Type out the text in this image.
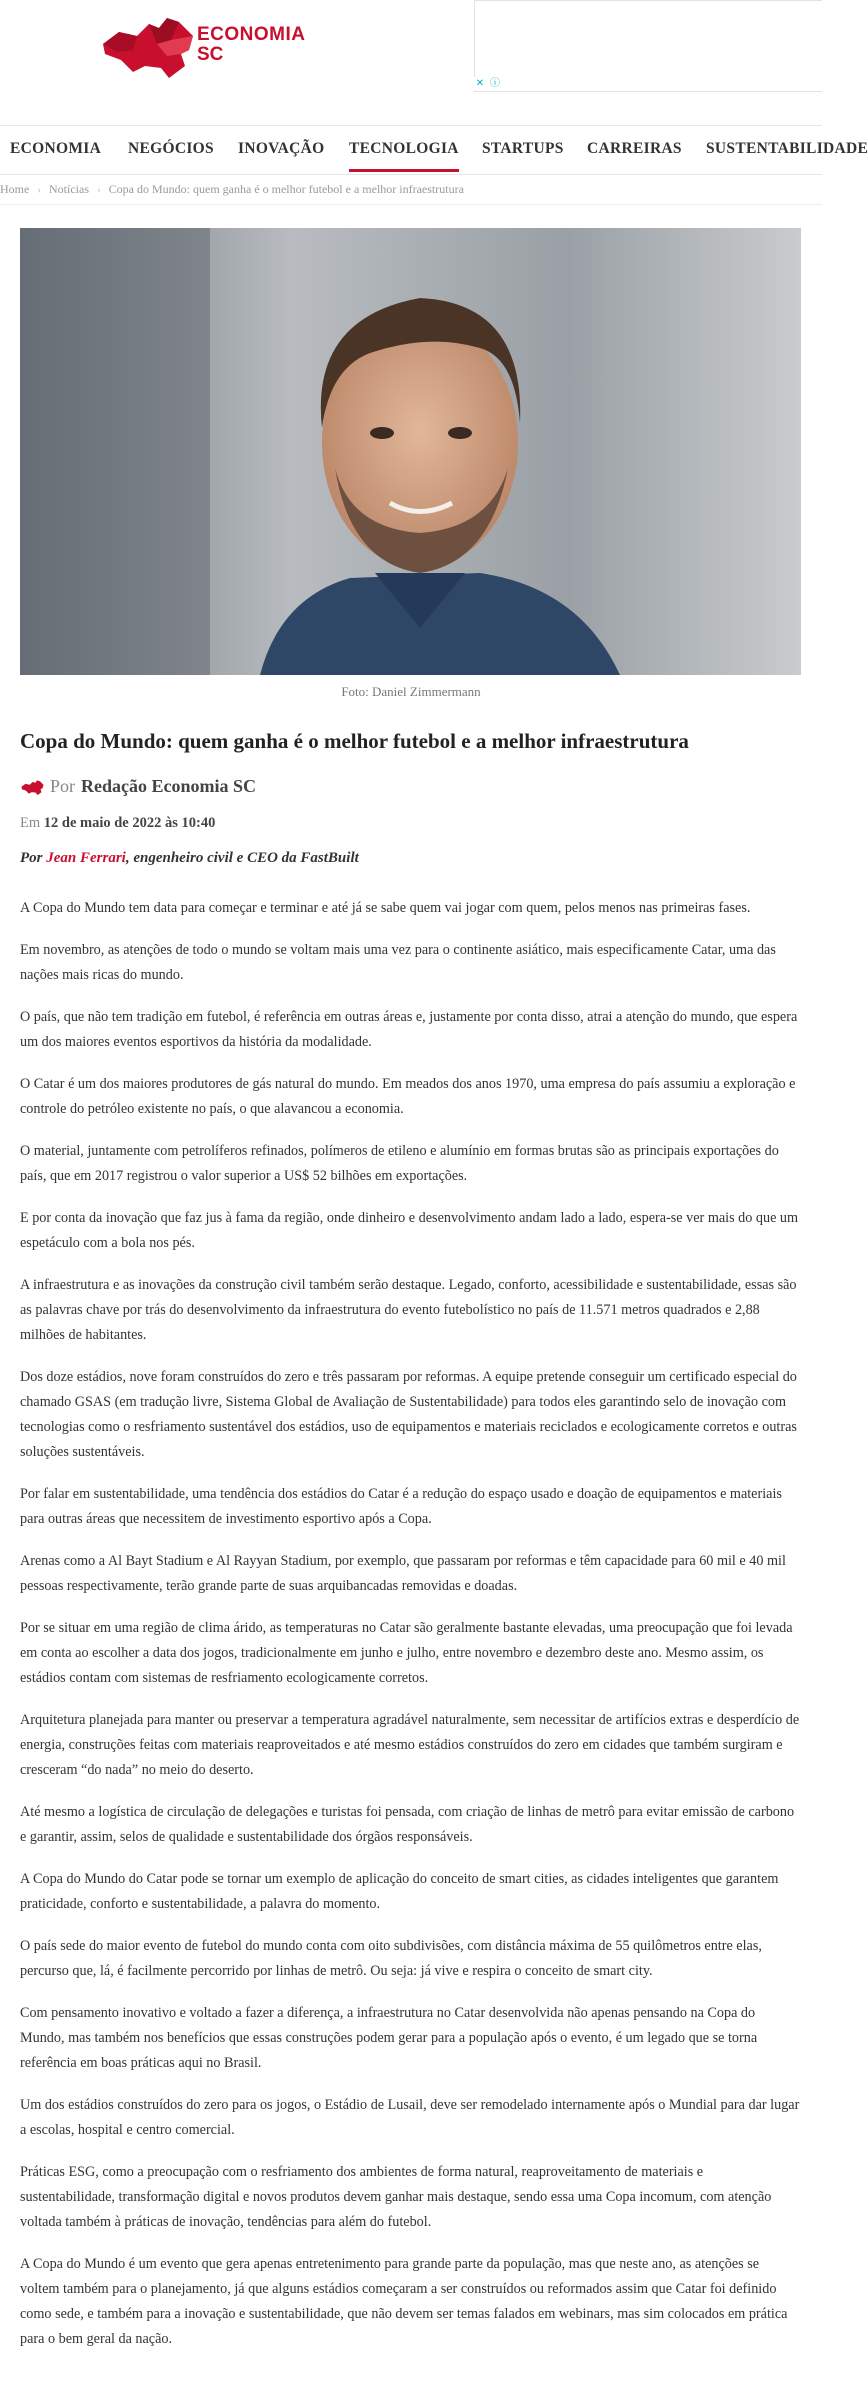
ECONOMIA
SC
✕ ⓘ
ECONOMIA NEGÓCIOS INOVAÇÃO TECNOLOGIA STARTUPS CARREIRAS SUSTENTABILIDADE
Home › Notícias › Copa do Mundo: quem ganha é o melhor futebol e a melhor infraestrutura
Foto: Daniel Zimmermann
Copa do Mundo: quem ganha é o melhor futebol e a melhor infraestrutura
Por Redação Economia SC
Em 12 de maio de 2022 às 10:40
Por Jean Ferrari, engenheiro civil e CEO da FastBuilt

A Copa do Mundo tem data para começar e terminar e até já se sabe quem vai jogar com quem, pelos menos nas primeiras fases.

Em novembro, as atenções de todo o mundo se voltam mais uma vez para o continente asiático, mais especificamente Catar, uma das nações mais ricas do mundo.

O país, que não tem tradição em futebol, é referência em outras áreas e, justamente por conta disso, atrai a atenção do mundo, que espera um dos maiores eventos esportivos da história da modalidade.

O Catar é um dos maiores produtores de gás natural do mundo. Em meados dos anos 1970, uma empresa do país assumiu a exploração e controle do petróleo existente no país, o que alavancou a economia.

O material, juntamente com petrolíferos refinados, polímeros de etileno e alumínio em formas brutas são as principais exportações do país, que em 2017 registrou o valor superior a US$ 52 bilhões em exportações.

E por conta da inovação que faz jus à fama da região, onde dinheiro e desenvolvimento andam lado a lado, espera-se ver mais do que um espetáculo com a bola nos pés.

A infraestrutura e as inovações da construção civil também serão destaque. Legado, conforto, acessibilidade e sustentabilidade, essas são as palavras chave por trás do desenvolvimento da infraestrutura do evento futebolístico no país de 11.571 metros quadrados e 2,88 milhões de habitantes.

Dos doze estádios, nove foram construídos do zero e três passaram por reformas. A equipe pretende conseguir um certificado especial do chamado GSAS (em tradução livre, Sistema Global de Avaliação de Sustentabilidade) para todos eles garantindo selo de inovação com tecnologias como o resfriamento sustentável dos estádios, uso de equipamentos e materiais reciclados e ecologicamente corretos e outras soluções sustentáveis.

Por falar em sustentabilidade, uma tendência dos estádios do Catar é a redução do espaço usado e doação de equipamentos e materiais para outras áreas que necessitem de investimento esportivo após a Copa.

Arenas como a Al Bayt Stadium e Al Rayyan Stadium, por exemplo, que passaram por reformas e têm capacidade para 60 mil e 40 mil pessoas respectivamente, terão grande parte de suas arquibancadas removidas e doadas.

Por se situar em uma região de clima árido, as temperaturas no Catar são geralmente bastante elevadas, uma preocupação que foi levada em conta ao escolher a data dos jogos, tradicionalmente em junho e julho, entre novembro e dezembro deste ano. Mesmo assim, os estádios contam com sistemas de resfriamento ecologicamente corretos.

Arquitetura planejada para manter ou preservar a temperatura agradável naturalmente, sem necessitar de artifícios extras e desperdício de energia, construções feitas com materiais reaproveitados e até mesmo estádios construídos do zero em cidades que também surgiram e cresceram “do nada” no meio do deserto.

Até mesmo a logística de circulação de delegações e turistas foi pensada, com criação de linhas de metrô para evitar emissão de carbono e garantir, assim, selos de qualidade e sustentabilidade dos órgãos responsáveis.

A Copa do Mundo do Catar pode se tornar um exemplo de aplicação do conceito de smart cities, as cidades inteligentes que garantem praticidade, conforto e sustentabilidade, a palavra do momento.

O país sede do maior evento de futebol do mundo conta com oito subdivisões, com distância máxima de 55 quilômetros entre elas, percurso que, lá, é facilmente percorrido por linhas de metrô. Ou seja: já vive e respira o conceito de smart city.

Com pensamento inovativo e voltado a fazer a diferença, a infraestrutura no Catar desenvolvida não apenas pensando na Copa do Mundo, mas também nos benefícios que essas construções podem gerar para a população após o evento, é um legado que se torna referência em boas práticas aqui no Brasil.

Um dos estádios construídos do zero para os jogos, o Estádio de Lusail, deve ser remodelado internamente após o Mundial para dar lugar a escolas, hospital e centro comercial.

Práticas ESG, como a preocupação com o resfriamento dos ambientes de forma natural, reaproveitamento de materiais e sustentabilidade, transformação digital e novos produtos devem ganhar mais destaque, sendo essa uma Copa incomum, com atenção voltada também à práticas de inovação, tendências para além do futebol.

A Copa do Mundo é um evento que gera apenas entretenimento para grande parte da população, mas que neste ano, as atenções se voltem também para o planejamento, já que alguns estádios começaram a ser construídos ou reformados assim que Catar foi definido como sede, e também para a inovação e sustentabilidade, que não devem ser temas falados em webinars, mas sim colocados em prática para o bem geral da nação.
